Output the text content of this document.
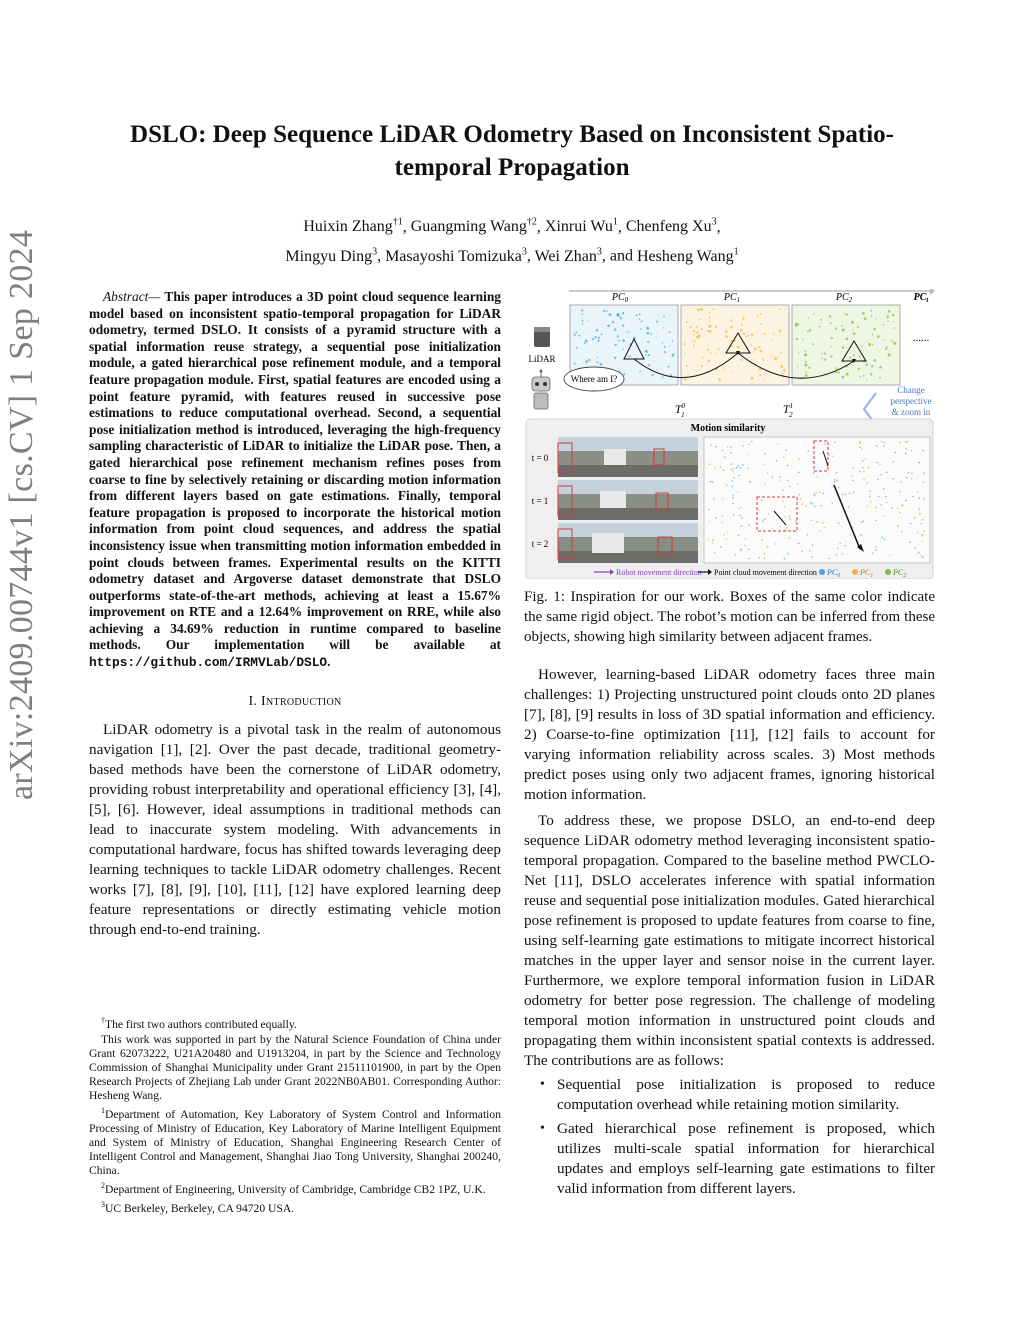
arXiv:2409.00744v1 [cs.CV] 1 Sep 2024
DSLO: Deep Sequence LiDAR Odometry Based on Inconsistent Spatio-temporal Propagation
Huixin Zhang$^{\dagger 1}$, Guangming Wang$^{\dagger 2}$, Xinrui Wu$^1$, Chenfeng Xu$^3$,
Mingyu Ding$^3$, Masayoshi Tomizuka$^3$, Wei Zhan$^3$, and Hesheng Wang$^1$

Abstract— This paper introduces a 3D point cloud sequence learning model based on inconsistent spatio-temporal propagation for LiDAR odometry, termed DSLO. It consists of a pyramid structure with a spatial information reuse strategy, a sequential pose initialization module, a gated hierarchical pose refinement module, and a temporal feature propagation module. First, spatial features are encoded using a point feature pyramid, with features reused in successive pose estimations to reduce computational overhead. Second, a sequential pose initialization method is introduced, leveraging the high-frequency sampling characteristic of LiDAR to initialize the LiDAR pose. Then, a gated hierarchical pose refinement mechanism refines poses from coarse to fine by selectively retaining or discarding motion information from different layers based on gate estimations. Finally, temporal feature propagation is proposed to incorporate the historical motion information from point cloud sequences, and address the spatial inconsistency issue when transmitting motion information embedded in point clouds between frames. Experimental results on the KITTI odometry dataset and Argoverse dataset demonstrate that DSLO outperforms state-of-the-art methods, achieving at least a 15.67% improvement on RTE and a 12.64% improvement on RRE, while also achieving a 34.69% reduction in runtime compared to baseline methods. Our implementation will be available at https://github.com/IRMVLab/DSLO.

I. Introduction

LiDAR odometry is a pivotal task in the realm of autonomous navigation [1], [2]. Over the past decade, traditional geometry-based methods have been the cornerstone of LiDAR odometry, providing robust interpretability and operational efficiency [3], [4], [5], [6]. However, ideal assumptions in traditional methods can lead to inaccurate system modeling. With advancements in computational hardware, focus has shifted towards leveraging deep learning techniques to tackle LiDAR odometry challenges. Recent works [7], [8], [9], [10], [11], [12] have explored learning deep feature representations or directly estimating vehicle motion through end-to-end training.

†The first two authors contributed equally.

This work was supported in part by the Natural Science Foundation of China under Grant 62073222, U21A20480 and U1913204, in part by the Science and Technology Commission of Shanghai Municipality under Grant 21511101900, in part by the Open Research Projects of Zhejiang Lab under Grant 2022NB0AB01. Corresponding Author: Hesheng Wang.

$^1$Department of Automation, Key Laboratory of System Control and Information Processing of Ministry of Education, Key Laboratory of Marine Intelligent Equipment and System of Ministry of Education, Shanghai Engineering Research Center of Intelligent Control and Management, Shanghai Jiao Tong University, Shanghai 200240, China.

$^2$Department of Engineering, University of Cambridge, Cambridge CB2 1PZ, U.K.

$^3$UC Berkeley, Berkeley, CA 94720 USA.

$PC_0$	$PC_1$	$PC_2$	$PC_t$
......
LiDAR
Where am I?
$T^0$ 1	$T^1$ 2
Change
perspective
& zoom in
Motion similarity
t = 0
t = 1
t = 2
Robot movement direction Point cloud movement direction $PC_0$ $PC_1$ $PC_2$

Fig. 1: Inspiration for our work. Boxes of the same color indicate the same rigid object. The robot’s motion can be inferred from these objects, showing high similarity between adjacent frames.

However, learning-based LiDAR odometry faces three main challenges: 1) Projecting unstructured point clouds onto 2D planes [7], [8], [9] results in loss of 3D spatial information and efficiency. 2) Coarse-to-fine optimization [11], [12] fails to account for varying information reliability across scales. 3) Most methods predict poses using only two adjacent frames, ignoring historical motion information.

To address these, we propose DSLO, an end-to-end deep sequence LiDAR odometry method leveraging inconsistent spatio-temporal propagation. Compared to the baseline method PWCLO-Net [11], DSLO accelerates inference with spatial information reuse and sequential pose initialization modules. Gated hierarchical pose refinement is proposed to update features from coarse to fine, using self-learning gate estimations to mitigate incorrect historical matches in the upper layer and sensor noise in the current layer. Furthermore, we explore temporal information fusion in LiDAR odometry for better pose regression. The challenge of modeling temporal motion information in unstructured point clouds and propagating them within inconsistent spatial contexts is addressed. The contributions are as follows:

• Sequential pose initialization is proposed to reduce computation overhead while retaining motion similarity.
• Gated hierarchical pose refinement is proposed, which utilizes multi-scale spatial information for hierarchical updates and employs self-learning gate estimations to filter valid information from different layers.
